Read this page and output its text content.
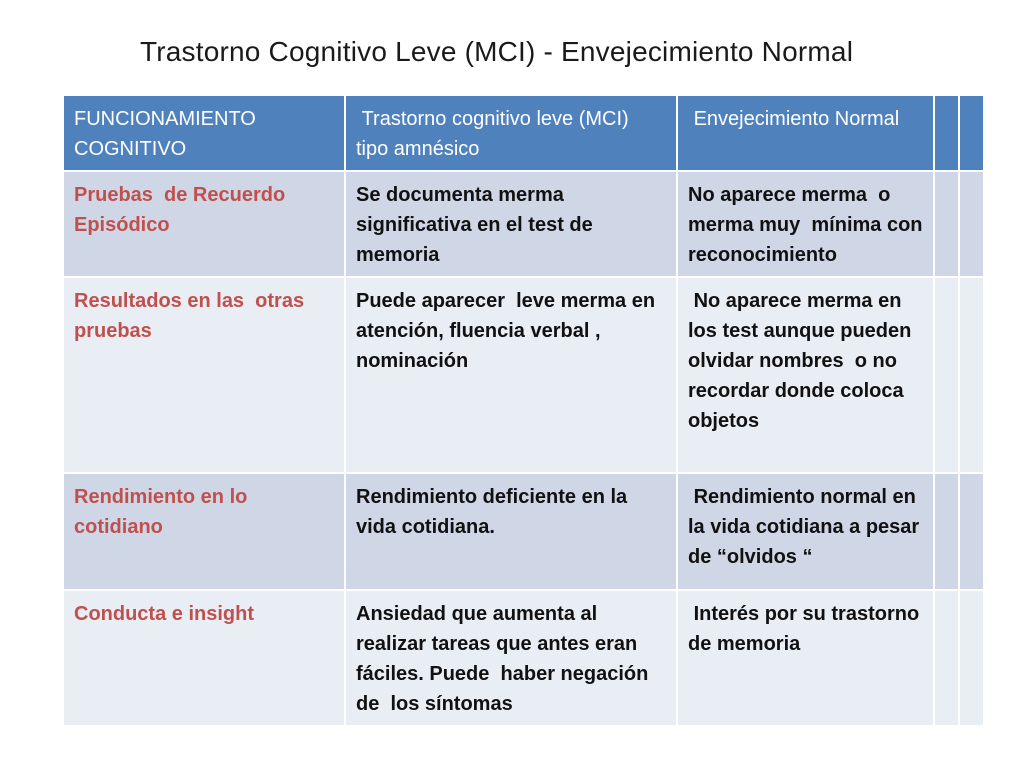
Trastorno Cognitivo Leve (MCI) - Envejecimiento Normal
FUNCIONAMIENTO COGNITIVO	Trastorno cognitivo leve (MCI) tipo amnésico	Envejecimiento Normal		
Pruebas  de Recuerdo Episódico	Se documenta merma significativa en el test de memoria	No aparece merma  o merma muy  mínima con reconocimiento		
Resultados en las  otras pruebas	Puede aparecer  leve merma en atención, fluencia verbal , nominación	No aparece merma en los test aunque pueden olvidar nombres  o no recordar donde coloca objetos		
Rendimiento en lo cotidiano	Rendimiento deficiente en la vida cotidiana.	Rendimiento normal en la vida cotidiana a pesar de “olvidos “		
Conducta e insight	Ansiedad que aumenta al realizar tareas que antes eran fáciles. Puede  haber negación de  los síntomas	Interés por su trastorno de memoria		
